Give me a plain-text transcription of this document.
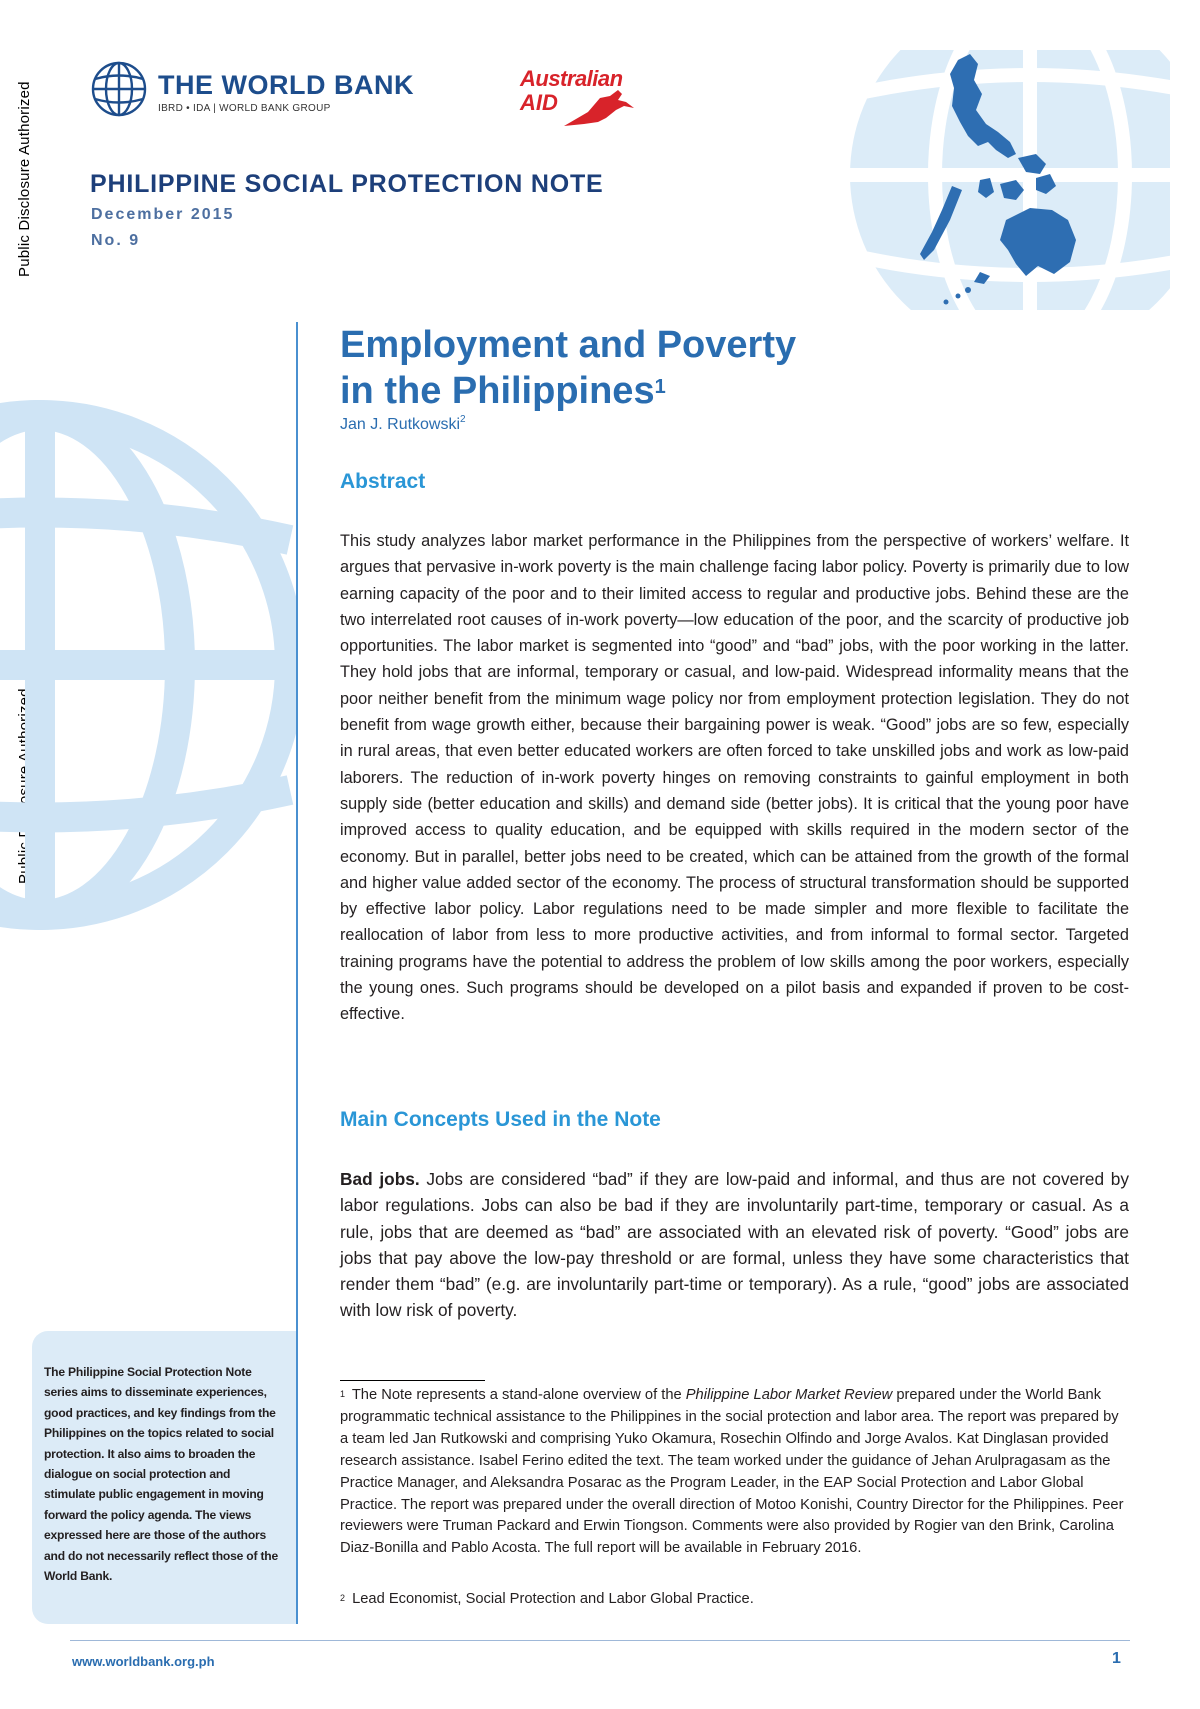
Public Disclosure Authorized
Public Disclosure Authorized
THE WORLD BANK
IBRD • IDA | WORLD BANK GROUP
Australian
AID
PHILIPPINE SOCIAL PROTECTION NOTE
December 2015
No. 9
Employment and Poverty
in the Philippines$^1$
Jan J. Rutkowski$^2$
Abstract

This study analyzes labor market performance in the Philippines from the perspective of workers’ welfare. It argues that pervasive in-work poverty is the main challenge facing labor policy. Poverty is primarily due to low earning capacity of the poor and to their limited access to regular and productive jobs. Behind these are the two interrelated root causes of in-work poverty—low education of the poor, and the scarcity of productive job opportunities. The labor market is segmented into “good” and “bad” jobs, with the poor working in the latter. They hold jobs that are informal, temporary or casual, and low-paid. Widespread informality means that the poor neither benefit from the minimum wage policy nor from employment protection legislation. They do not benefit from wage growth either, because their bargaining power is weak. “Good” jobs are so few, especially in rural areas, that even better educated workers are often forced to take unskilled jobs and work as low-paid laborers. The reduction of in-work poverty hinges on removing constraints to gainful employment in both supply side (better education and skills) and demand side (better jobs). It is critical that the young poor have improved access to quality education, and be equipped with skills required in the modern sector of the economy. But in parallel, better jobs need to be created, which can be attained from the growth of the formal and higher value added sector of the economy. The process of structural transformation should be supported by effective labor policy. Labor regulations need to be made simpler and more flexible to facilitate the reallocation of labor from less to more productive activities, and from informal to formal sector. Targeted training programs have the potential to address the problem of low skills among the poor workers, especially the young ones. Such programs should be developed on a pilot basis and expanded if proven to be cost-effective.

Main Concepts Used in the Note

Bad jobs. Jobs are considered “bad” if they are low-paid and informal, and thus are not covered by labor regulations. Jobs can also be bad if they are involuntarily part-time, temporary or casual. As a rule, jobs that are deemed as “bad” are associated with an elevated risk of poverty. “Good” jobs are jobs that pay above the low-pay threshold or are formal, unless they have some characteristics that render them “bad” (e.g. are involuntarily part-time or temporary). As a rule, “good” jobs are associated with low risk of poverty.

$^1$ The Note represents a stand-alone overview of the Philippine Labor Market Review prepared under the World Bank programmatic technical assistance to the Philippines in the social protection and labor area. The report was prepared by a team led Jan Rutkowski and comprising Yuko Okamura, Rosechin Olfindo and Jorge Avalos. Kat Dinglasan provided research assistance. Isabel Ferino edited the text. The team worked under the guidance of Jehan Arulpragasam as the Practice Manager, and Aleksandra Posarac as the Program Leader, in the EAP Social Protection and Labor Global Practice. The report was prepared under the overall direction of Motoo Konishi, Country Director for the Philippines. Peer reviewers were Truman Packard and Erwin Tiongson. Comments were also provided by Rogier van den Brink, Carolina Diaz-Bonilla and Pablo Acosta. The full report will be available in February 2016.

$^2$ Lead Economist, Social Protection and Labor Global Practice.

The Philippine Social Protection Note series aims to disseminate experiences, good practices, and key findings from the Philippines on the topics related to social protection. It also aims to broaden the dialogue on social protection and stimulate public engagement in moving forward the policy agenda. The views expressed here are those of the authors and do not necessarily reflect those of the World Bank.

www.worldbank.org.ph	1
